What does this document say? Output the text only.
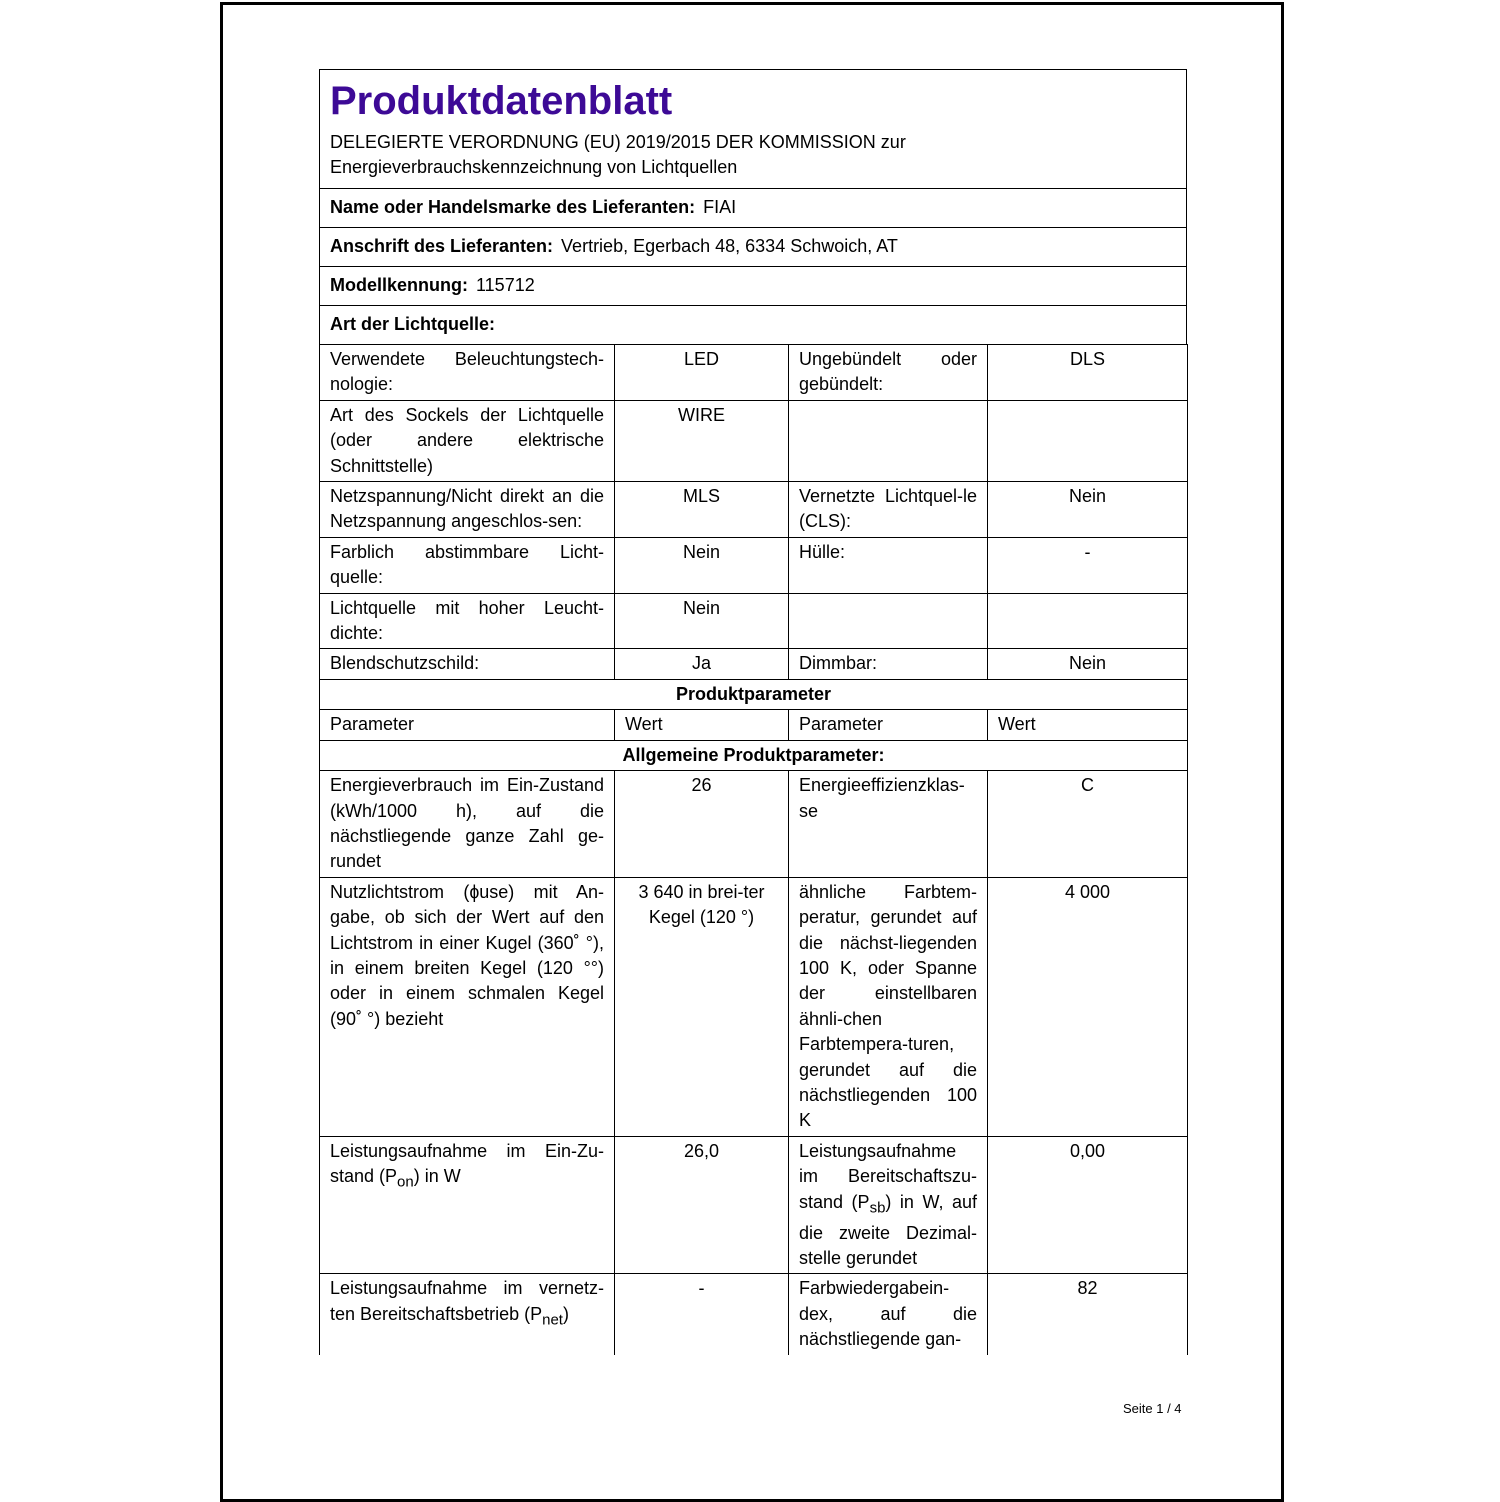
Produktdatenblatt
DELEGIERTE VERORDNUNG (EU) 2019/2015 DER KOMMISSION zur
Energieverbrauchskennzeichnung von Lichtquellen
Name oder Handelsmarke des Lieferanten: FIAI
Anschrift des Lieferanten: Vertrieb, Egerbach 48, 6334 Schwoich, AT
Modellkennung: 115712
Art der Lichtquelle:
Verwendete Beleuchtungstech-nologie:	LED	Ungebündelt oder gebündelt:	DLS
Art des Sockels der Lichtquelle (oder andere elektrische Schnittstelle)	WIRE		
Netzspannung/Nicht direkt an die Netzspannung angeschlos-sen:	MLS	Vernetzte Lichtquel-le (CLS):	Nein
Farblich abstimmbare Licht-quelle:	Nein	Hülle:	-
Lichtquelle mit hoher Leucht-dichte:	Nein		
Blendschutzschild:	Ja	Dimmbar:	Nein
Produktparameter			
Parameter	Wert	Parameter	Wert
Allgemeine Produktparameter:			
Energieverbrauch im Ein-Zustand (kWh/1000 h), auf die nächstliegende ganze Zahl ge-rundet	26	Energieeffizienzklas-se	C
Nutzlichtstrom (ɸuse) mit An-gabe, ob sich der Wert auf den Lichtstrom in einer Kugel (360˚ °), in einem breiten Kegel (120 °°) oder in einem schmalen Kegel (90˚ °) bezieht	3 640 in brei-ter Kegel (120 °)	ähnliche Farbtem-peratur, gerundet auf die nächst-liegenden 100 K, oder Spanne der einstellbaren ähnli-chen Farbtempera-turen, gerundet auf die nächstliegenden 100 K	4 000
Leistungsaufnahme im Ein-Zu-stand $(P_{on})$ in W	26,0	Leistungsaufnahme im Bereitschaftszu-stand $(P_{sb})$ in W, auf die zweite Dezimal-stelle gerundet	0,00
Leistungsaufnahme im vernetz-ten Bereitschaftsbetrieb $(P_{net})$	-	Farbwiedergabein-dex, auf die nächstliegende gan-	82
Seite 1 / 4
